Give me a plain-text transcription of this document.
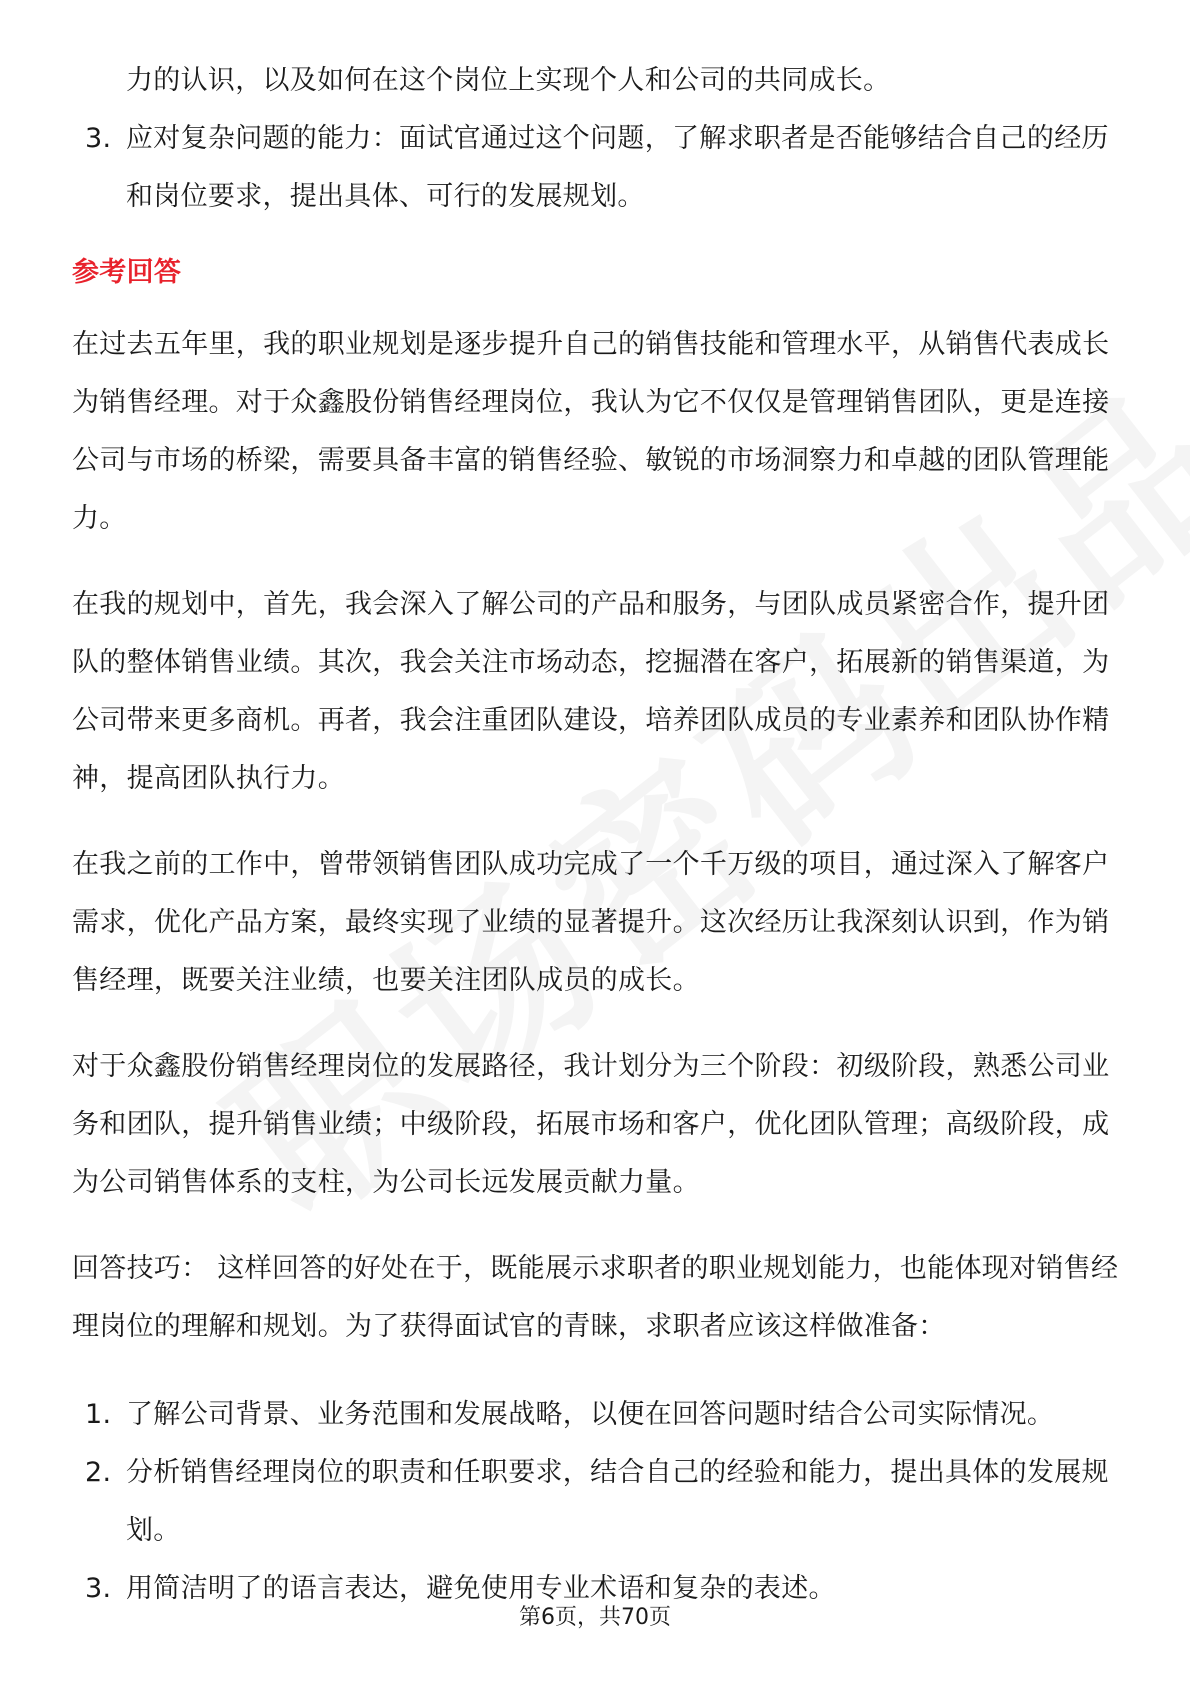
力的认识，以及如何在这个岗位上实现个人和公司的共同成长。
3. 应对复杂问题的能力：面试官通过这个问题，了解求职者是否能够结合自己的经历和岗位要求，提出具体、可行的发展规划。
参考回答

在过去五年里，我的职业规划是逐步提升自己的销售技能和管理水平，从销售代表成长为销售经理。对于众鑫股份销售经理岗位，我认为它不仅仅是管理销售团队，更是连接公司与市场的桥梁，需要具备丰富的销售经验、敏锐的市场洞察力和卓越的团队管理能力。

在我的规划中，首先，我会深入了解公司的产品和服务，与团队成员紧密合作，提升团队的整体销售业绩。其次，我会关注市场动态，挖掘潜在客户，拓展新的销售渠道，为公司带来更多商机。再者，我会注重团队建设，培养团队成员的专业素养和团队协作精神，提高团队执行力。

在我之前的工作中，曾带领销售团队成功完成了一个千万级的项目，通过深入了解客户需求，优化产品方案，最终实现了业绩的显著提升。这次经历让我深刻认识到，作为销售经理，既要关注业绩，也要关注团队成员的成长。

对于众鑫股份销售经理岗位的发展路径，我计划分为三个阶段：初级阶段，熟悉公司业务和团队，提升销售业绩；中级阶段，拓展市场和客户，优化团队管理；高级阶段，成为公司销售体系的支柱，为公司长远发展贡献力量。

回答技巧： 这样回答的好处在于，既能展示求职者的职业规划能力，也能体现对销售经理岗位的理解和规划。为了获得面试官的青睐，求职者应该这样做准备：

1. 了解公司背景、业务范围和发展战略，以便在回答问题时结合公司实际情况。
2. 分析销售经理岗位的职责和任职要求，结合自己的经验和能力，提出具体的发展规划。
3. 用简洁明了的语言表达，避免使用专业术语和复杂的表述。
第6页，共70页
